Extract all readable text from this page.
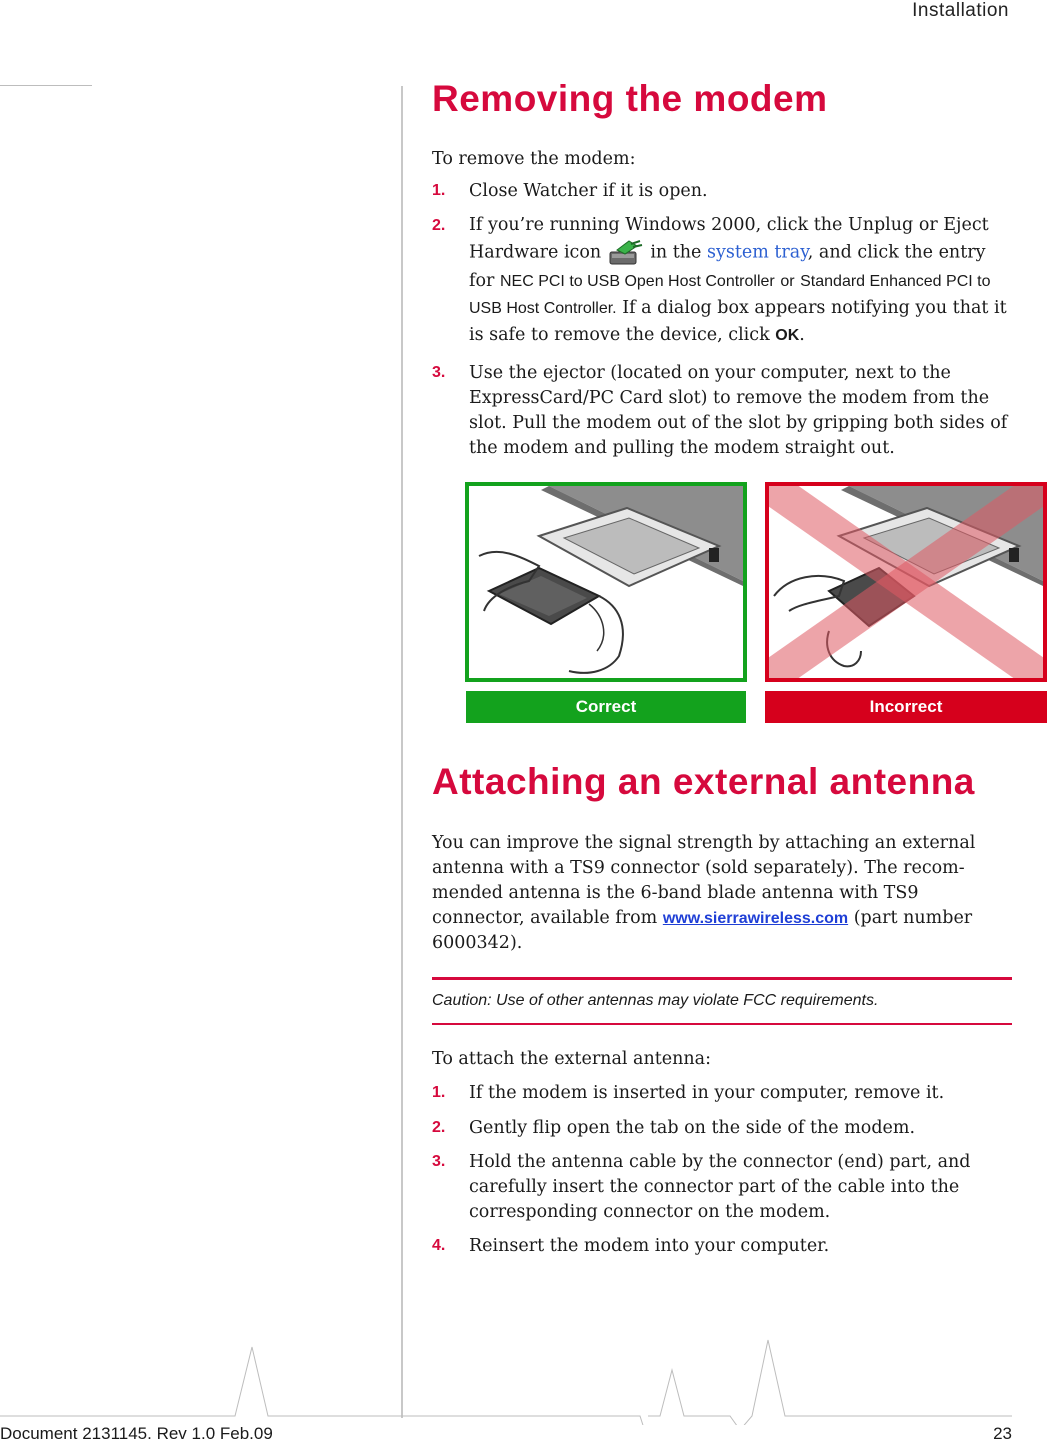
Installation
Removing the modem

To remove the modem:

1. Close Watcher if it is open.

2. If you’re running Windows 2000, click the Unplug or Eject Hardware icon	in the system tray, and click the entry for NEC PCI to USB Open Host Controller or Standard Enhanced PCI to USB Host Controller. If a dialog box appears notifying you that it is safe to remove the device, click OK.

3. Use the ejector (located on your computer, next to the ExpressCard/PC Card slot) to remove the modem from the slot. Pull the modem out of the slot by gripping both sides of the modem and pulling the modem straight out.

Correct	Incorrect
Attaching an external antenna

You can improve the signal strength by attaching an external antenna with a TS9 connector (sold separately). The recommended antenna is the 6-band blade antenna with TS9 connector, available from www.sierrawireless.com (part number 6000342).

Caution: Use of other antennas may violate FCC requirements.

To attach the external antenna:

1. If the modem is inserted in your computer, remove it.

2. Gently flip open the tab on the side of the modem.

3. Hold the antenna cable by the connector (end) part, and carefully insert the connector part of the cable into the corresponding connector on the modem.

4. Reinsert the modem into your computer.

Document 2131145. Rev 1.0 Feb.09	23
